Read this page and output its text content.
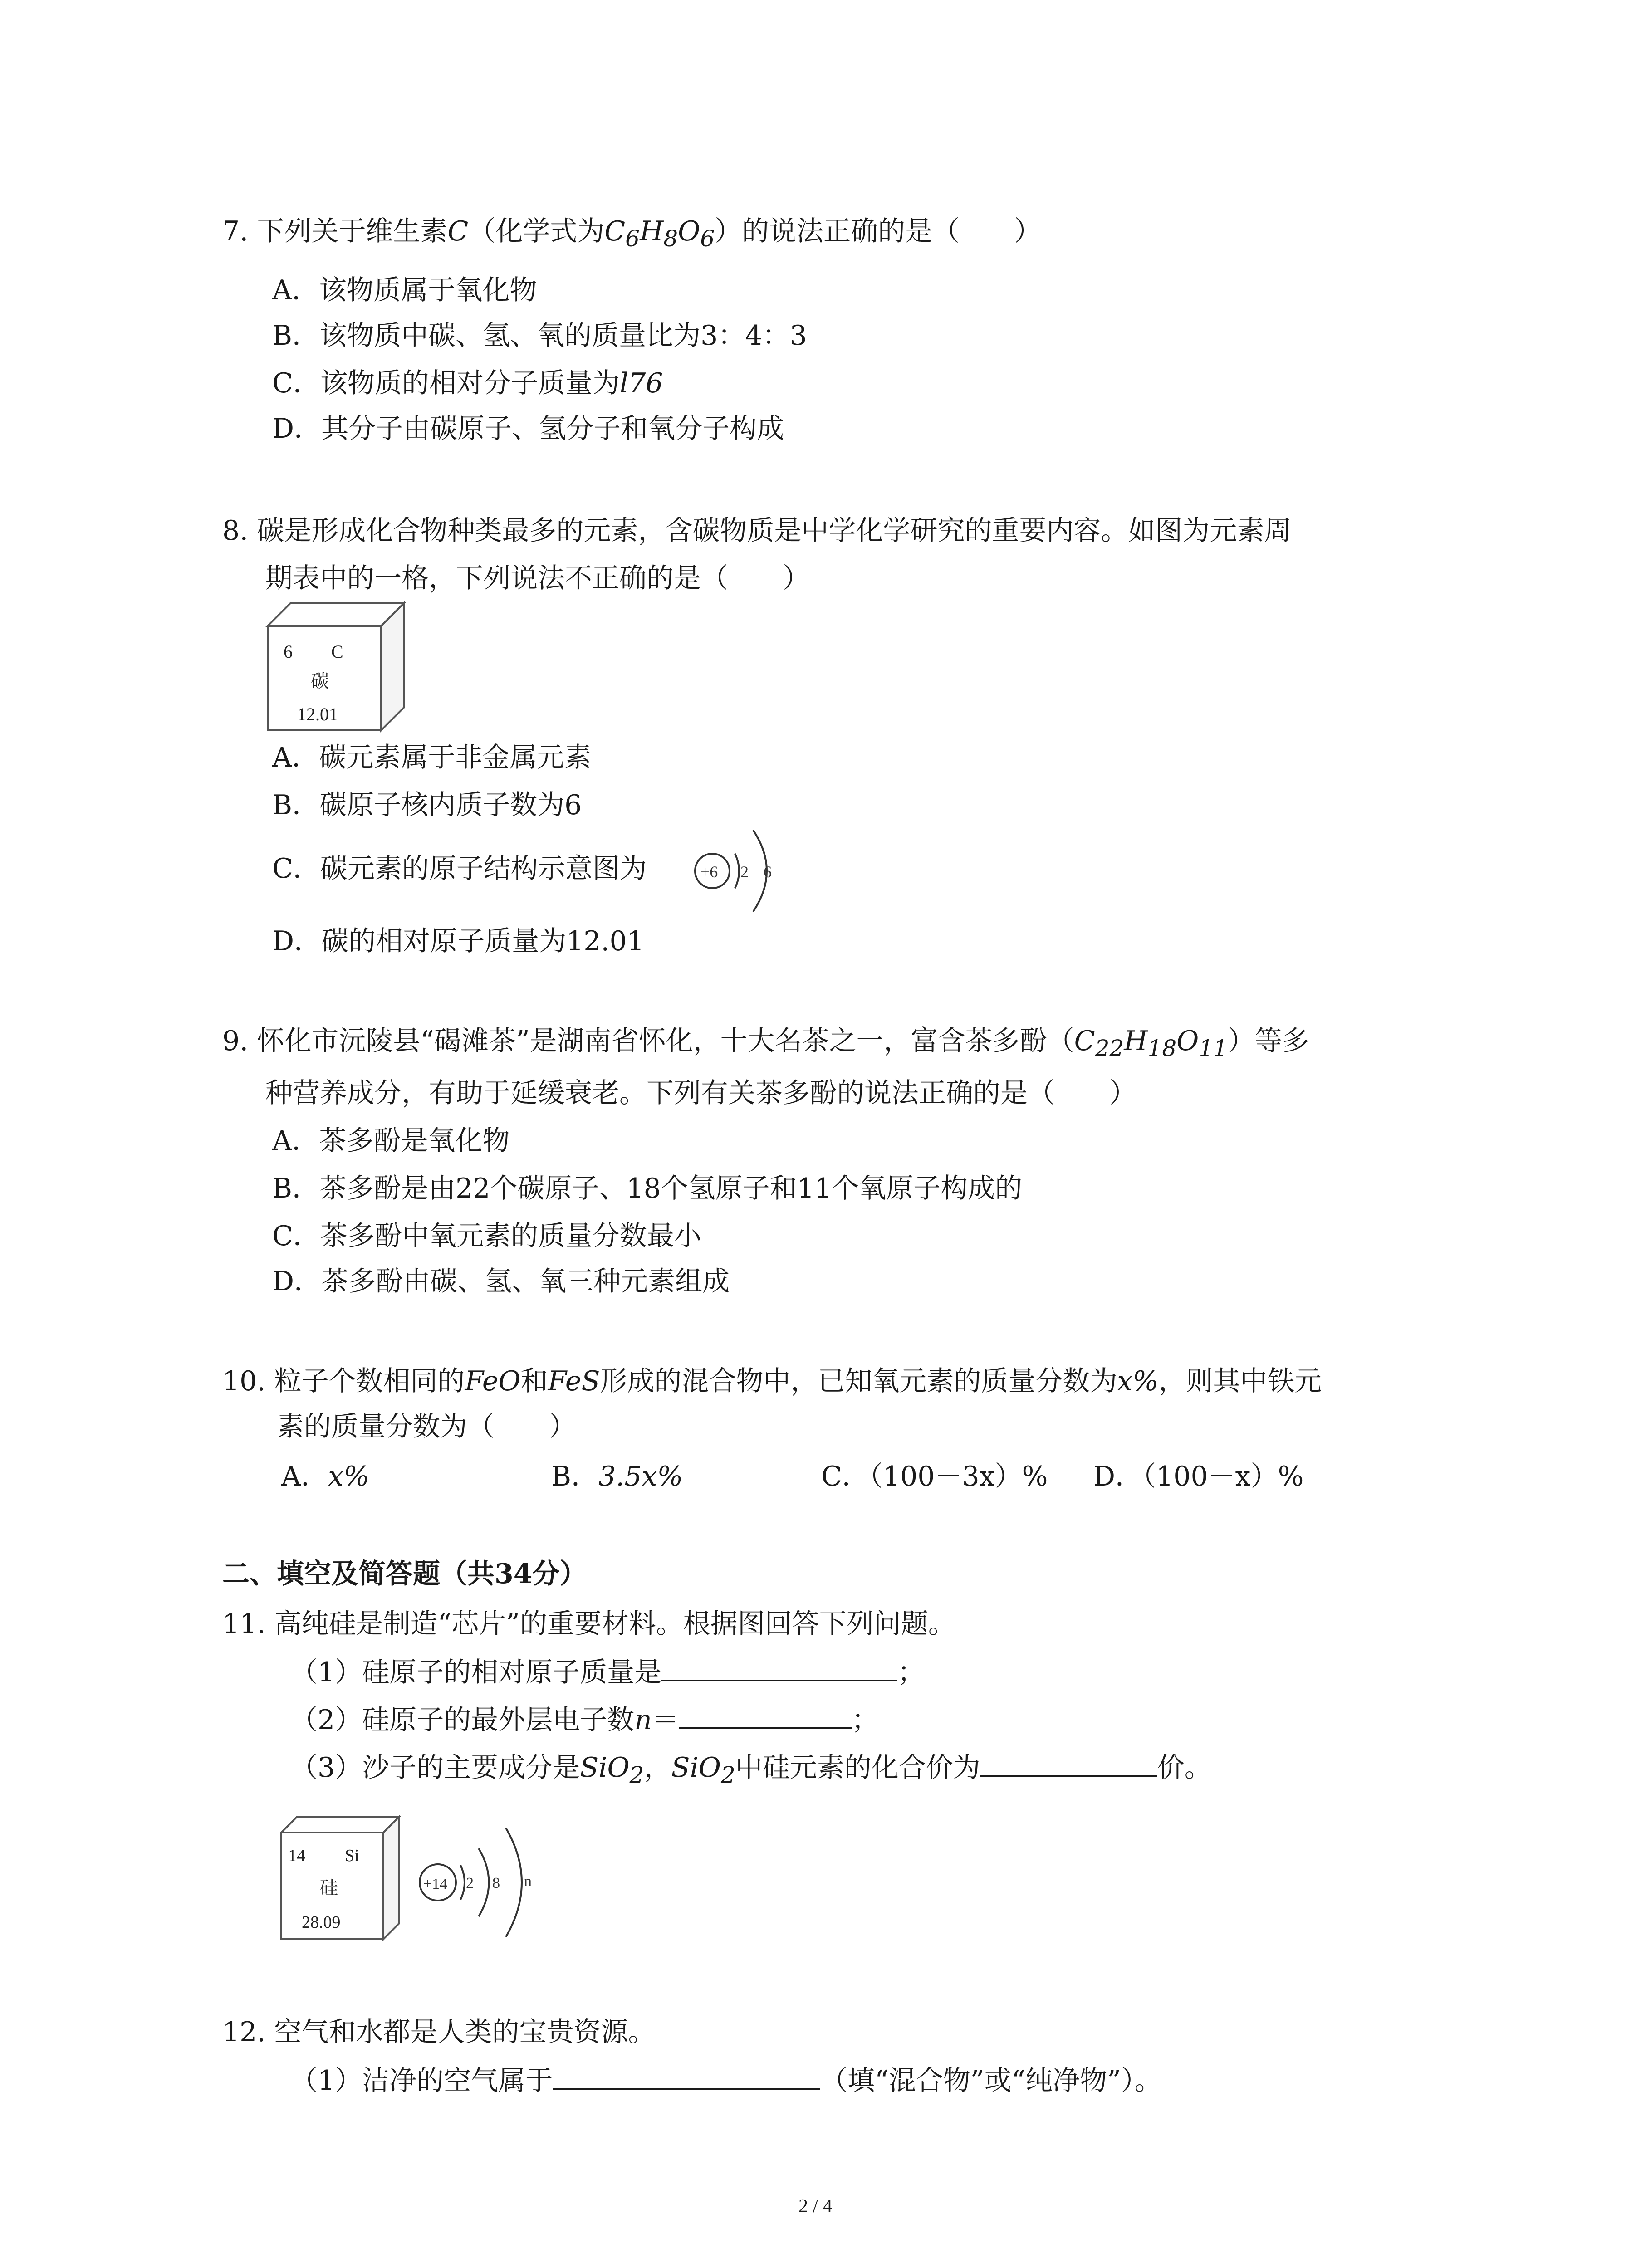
7. 下列关于维生素C（化学式为$C_6H_8O_6$）的说法正确的是（　　）
A．该物质属于氧化物
B．该物质中碳、氢、氧的质量比为3：4：3
C．该物质的相对分子质量为l76
D．其分子由碳原子、氢分子和氧分子构成
8. 碳是形成化合物种类最多的元素，含碳物质是中学化学研究的重要内容。如图为元素周
期表中的一格，下列说法不正确的是（　　）
6 C
碳
12.01
A．碳元素属于非金属元素
B．碳原子核内质子数为6
C．碳元素的原子结构示意图为	+6 2 6
D．碳的相对原子质量为12.01
9. 怀化市沅陵县“碣滩茶”是湖南省怀化，十大名茶之一，富含茶多酚$(C_{22}H_{18}O_{11})$等多
种营养成分，有助于延缓衰老。下列有关茶多酚的说法正确的是（　　）
A．茶多酚是氧化物
B．茶多酚是由22个碳原子、18个氢原子和11个氧原子构成的
C．茶多酚中氧元素的质量分数最小
D．茶多酚由碳、氢、氧三种元素组成
10. 粒子个数相同的FeO和FeS形成的混合物中，已知氧元素的质量分数为x%，则其中铁元
素的质量分数为（　　）
A．x%	B．3.5x%	C．（100－3x）% D．（100－x）%
二、填空及简答题（共34分）
11. 高纯硅是制造“芯片”的重要材料。根据图回答下列问题。
（1）硅原子的相对原子质量是	；
（2）硅原子的最外层电子数n＝	；
（3）沙子的主要成分是SiO$_2$，SiO$_2$中硅元素的化合价为	价。
14 Si
硅
28.09
+14 2 8 n
12. 空气和水都是人类的宝贵资源。
（1）洁净的空气属于	（填“混合物”或“纯净物”）。
2 / 4
